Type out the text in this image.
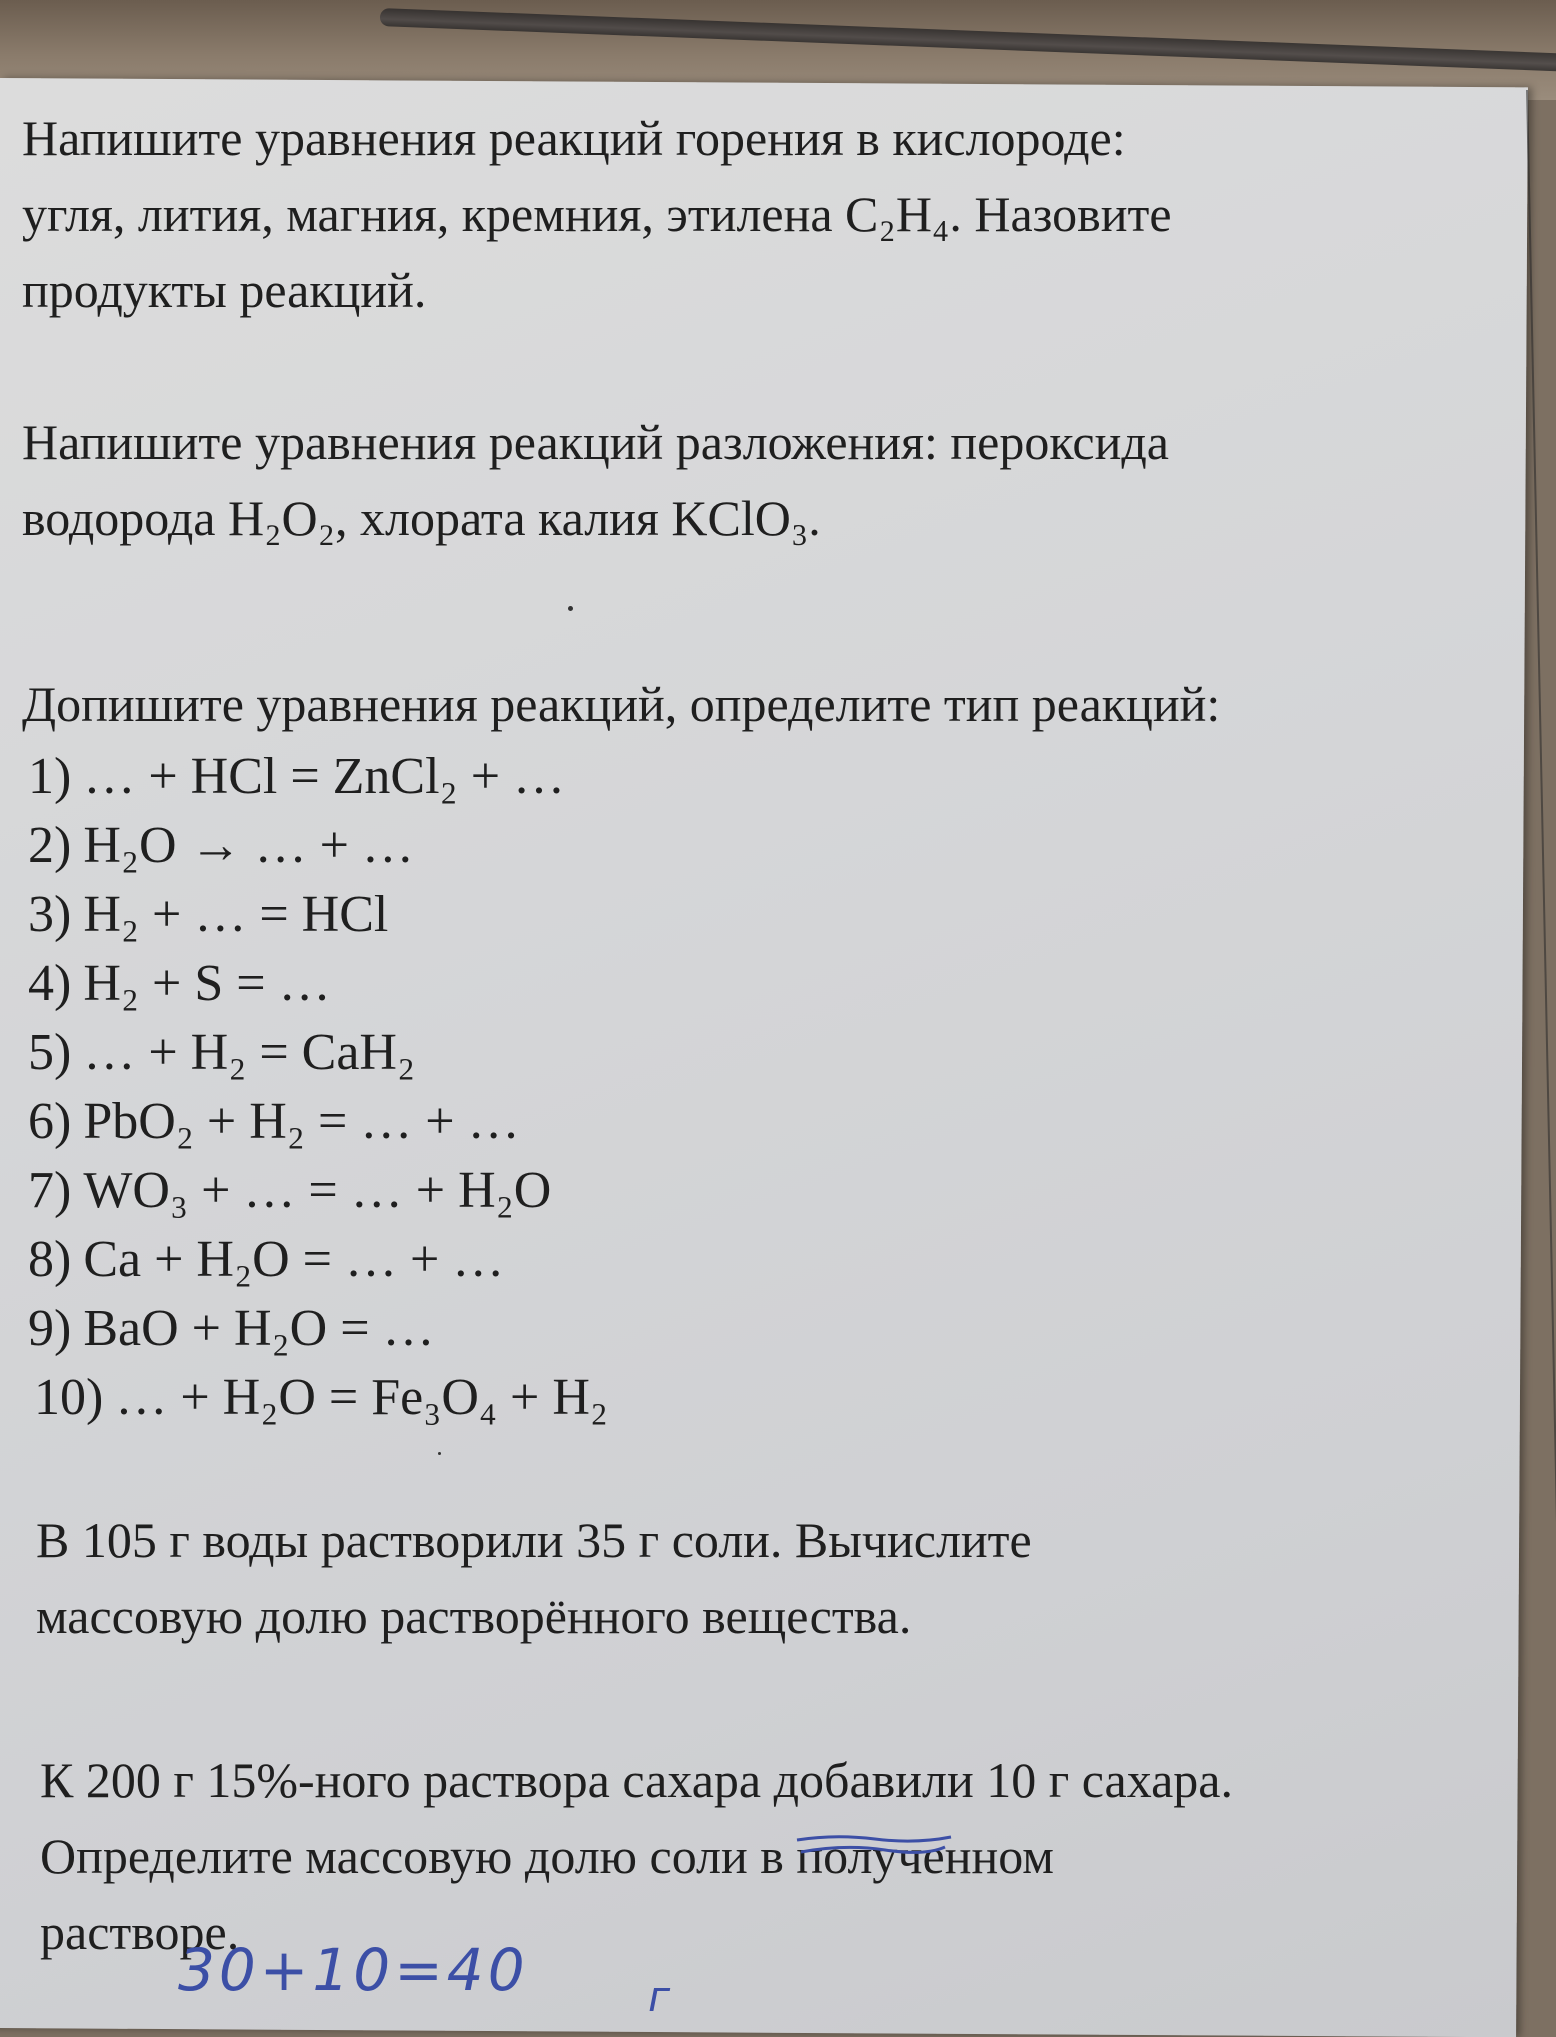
Напишите уравнения реакций горения в кислороде:

угля, лития, магния, кремния, этилена C₂H₄. Назовите

продукты реакций.

Напишите уравнения реакций разложения: пероксида

водорода H₂O₂, хлората калия KClO₃.

Допишите уравнения реакций, определите тип реакций:

1) … + HCl = ZnCl₂ + …
2) H₂O → … + …
3) H₂ + … = HCl
4) H₂ + S = …
5) … + H₂ = CaH₂
6) PbO₂ + H₂ = … + …
7) WO₃ + … = … + H₂O
8) Ca + H₂O = … + …
9) BaO + H₂O = …
10) … + H₂O = Fe₃O₄ + H₂

В 105 г воды растворили 35 г соли. Вычислите

массовую долю растворённого вещества.

К 200 г 15%-ного раствора сахара добавили 10 г сахара.

Определите массовую долю соли в полученном

растворе.

30+10=40	г
